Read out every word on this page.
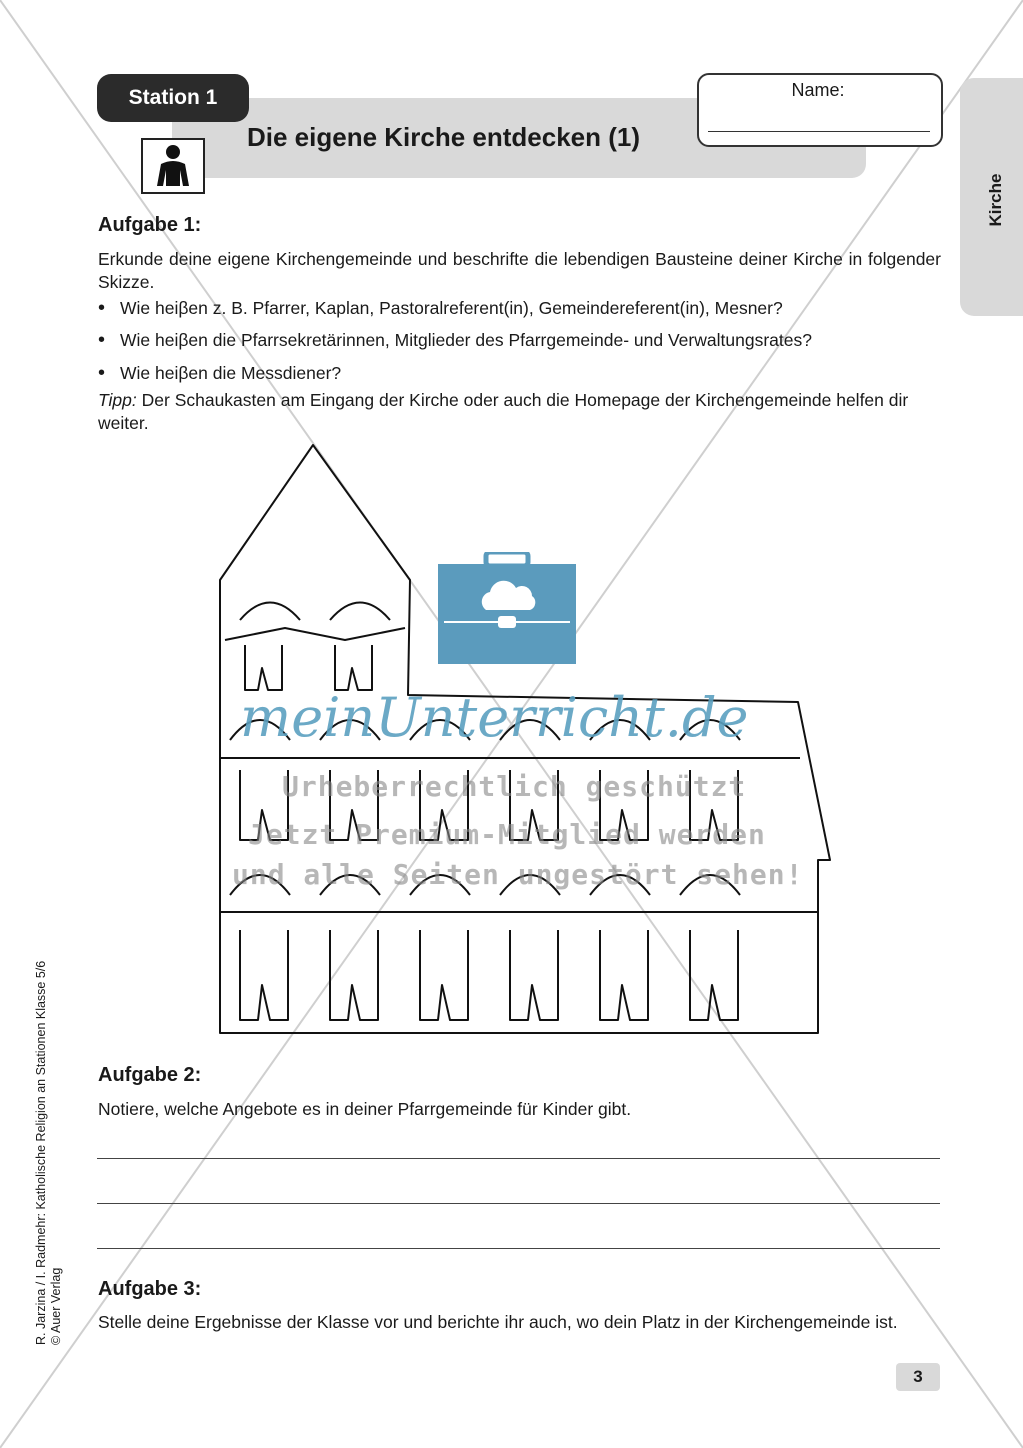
Station 1
Die eigene Kirche entdecken (1)
Name:
Kirche
Aufgabe 1:
Erkunde deine eigene Kirchengemeinde und beschrifte die lebendigen Bausteine deiner Kirche in folgender Skizze.
• Wie heiβen z. B. Pfarrer, Kaplan, Pastoralreferent(in), Gemeindereferent(in), Mesner?
• Wie heiβen die Pfarrsekretärinnen, Mitglieder des Pfarrgemeinde- und Verwaltungsrates?
• Wie heiβen die Messdiener?
Tipp: Der Schaukasten am Eingang der Kirche oder auch die Homepage der Kirchengemeinde helfen dir weiter.
meinUnterricht.de
Urheberrechtlich geschützt
Jetzt Premium-Mitglied werden
und alle Seiten ungestört sehen!
Aufgabe 2:
Notiere, welche Angebote es in deiner Pfarrgemeinde für Kinder gibt.
Aufgabe 3:
Stelle deine Ergebnisse der Klasse vor und berichte ihr auch, wo dein Platz in der Kirchengemeinde ist.
R. Jarzina / I. Radmehr: Katholische Religion an Stationen Klasse 5/6 © Auer Verlag
3
